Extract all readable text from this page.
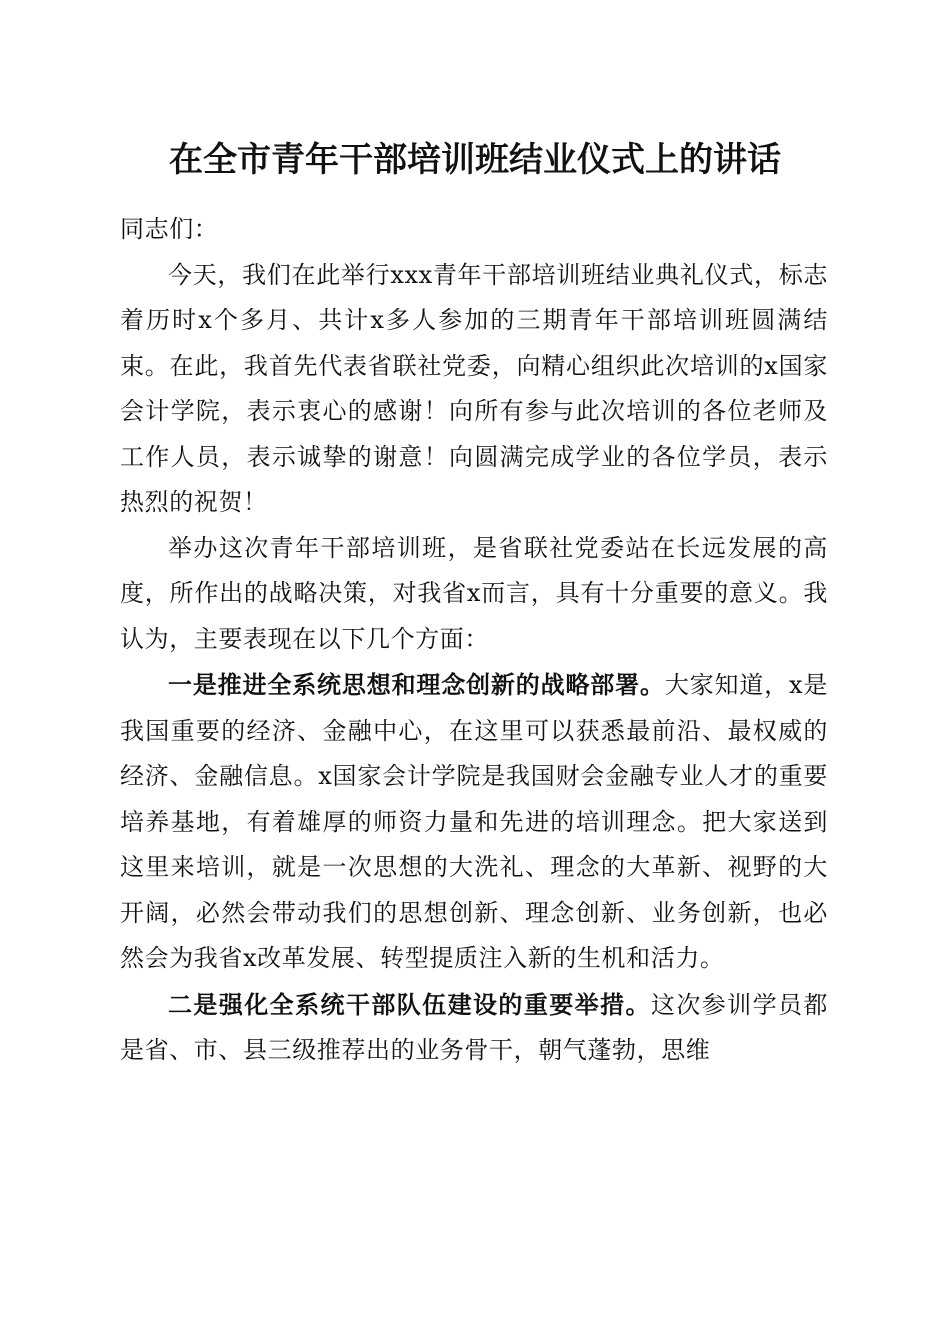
在全市青年干部培训班结业仪式上的讲话

同志们：

今天，我们在此举行xxx青年干部培训班结业典礼仪式，标志着历时x个多月、共计x多人参加的三期青年干部培训班圆满结束。在此，我首先代表省联社党委，向精心组织此次培训的x国家会计学院，表示衷心的感谢！向所有参与此次培训的各位老师及工作人员，表示诚挚的谢意！向圆满完成学业的各位学员，表示热烈的祝贺！

举办这次青年干部培训班，是省联社党委站在长远发展的高度，所作出的战略决策，对我省x而言，具有十分重要的意义。我认为，主要表现在以下几个方面：

一是推进全系统思想和理念创新的战略部署。大家知道，x是我国重要的经济、金融中心，在这里可以获悉最前沿、最权威的经济、金融信息。x国家会计学院是我国财会金融专业人才的重要培养基地，有着雄厚的师资力量和先进的培训理念。把大家送到这里来培训，就是一次思想的大洗礼、理念的大革新、视野的大开阔，必然会带动我们的思想创新、理念创新、业务创新，也必然会为我省x改革发展、转型提质注入新的生机和活力。

二是强化全系统干部队伍建设的重要举措。这次参训学员都是省、市、县三级推荐出的业务骨干，朝气蓬勃，思维
